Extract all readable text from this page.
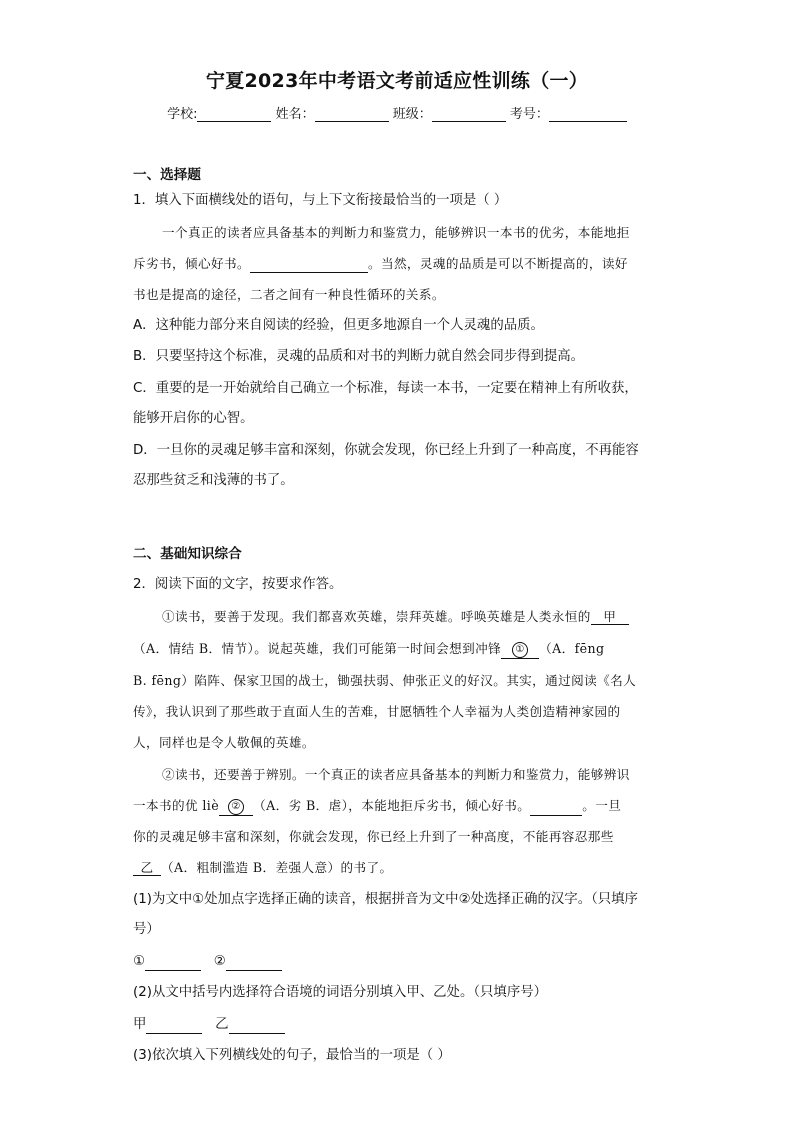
宁夏2023年中考语文考前适应性训练（一）
学校:	姓名：	班级：	考号：
一、选择题
1．填入下面横线处的语句，与上下文衔接最恰当的一项是（ ）
一个真正的读者应具备基本的判断力和鉴赏力，能够辨识一本书的优劣，本能地拒
斥劣书，倾心好书。	。当然，灵魂的品质是可以不断提高的，读好
书也是提高的途径，二者之间有一种良性循环的关系。
A．这种能力部分来自阅读的经验，但更多地源自一个人灵魂的品质。
B．只要坚持这个标准，灵魂的品质和对书的判断力就自然会同步得到提高。
C．重要的是一开始就给自己确立一个标准，每读一本书，一定要在精神上有所收获，
能够开启你的心智。
D．一旦你的灵魂足够丰富和深刻，你就会发现，你已经上升到了一种高度，不再能容
忍那些贫乏和浅薄的书了。
二、基础知识综合
2．阅读下面的文字，按要求作答。
①读书，要善于发现。我们都喜欢英雄，崇拜英雄。呼唤英雄是人类永恒的 甲
（A．情结 B．情节）。说起英雄，我们可能第一时间会想到冲锋 ① （A．fēng
B. fēng）陷阵、保家卫国的战士，锄强扶弱、伸张正义的好汉。其实，通过阅读《名人
传》，我认识到了那些敢于直面人生的苦难，甘愿牺牲个人幸福为人类创造精神家园的
人，同样也是令人敬佩的英雄。
②读书，还要善于辨别。一个真正的读者应具备基本的判断力和鉴赏力，能够辨识
一本书的优 liè ② （A．劣 B．虐），本能地拒斥劣书，倾心好书。	。一旦
你的灵魂足够丰富和深刻，你就会发现，你已经上升到了一种高度，不能再容忍那些
乙 （A．粗制滥造 B．差强人意）的书了。
(1)为文中①处加点字选择正确的读音，根据拼音为文中②处选择正确的汉字。（只填序
号）
①	②
(2)从文中括号内选择符合语境的词语分别填入甲、乙处。（只填序号）
甲	乙
(3)依次填入下列横线处的句子，最恰当的一项是（ ）
